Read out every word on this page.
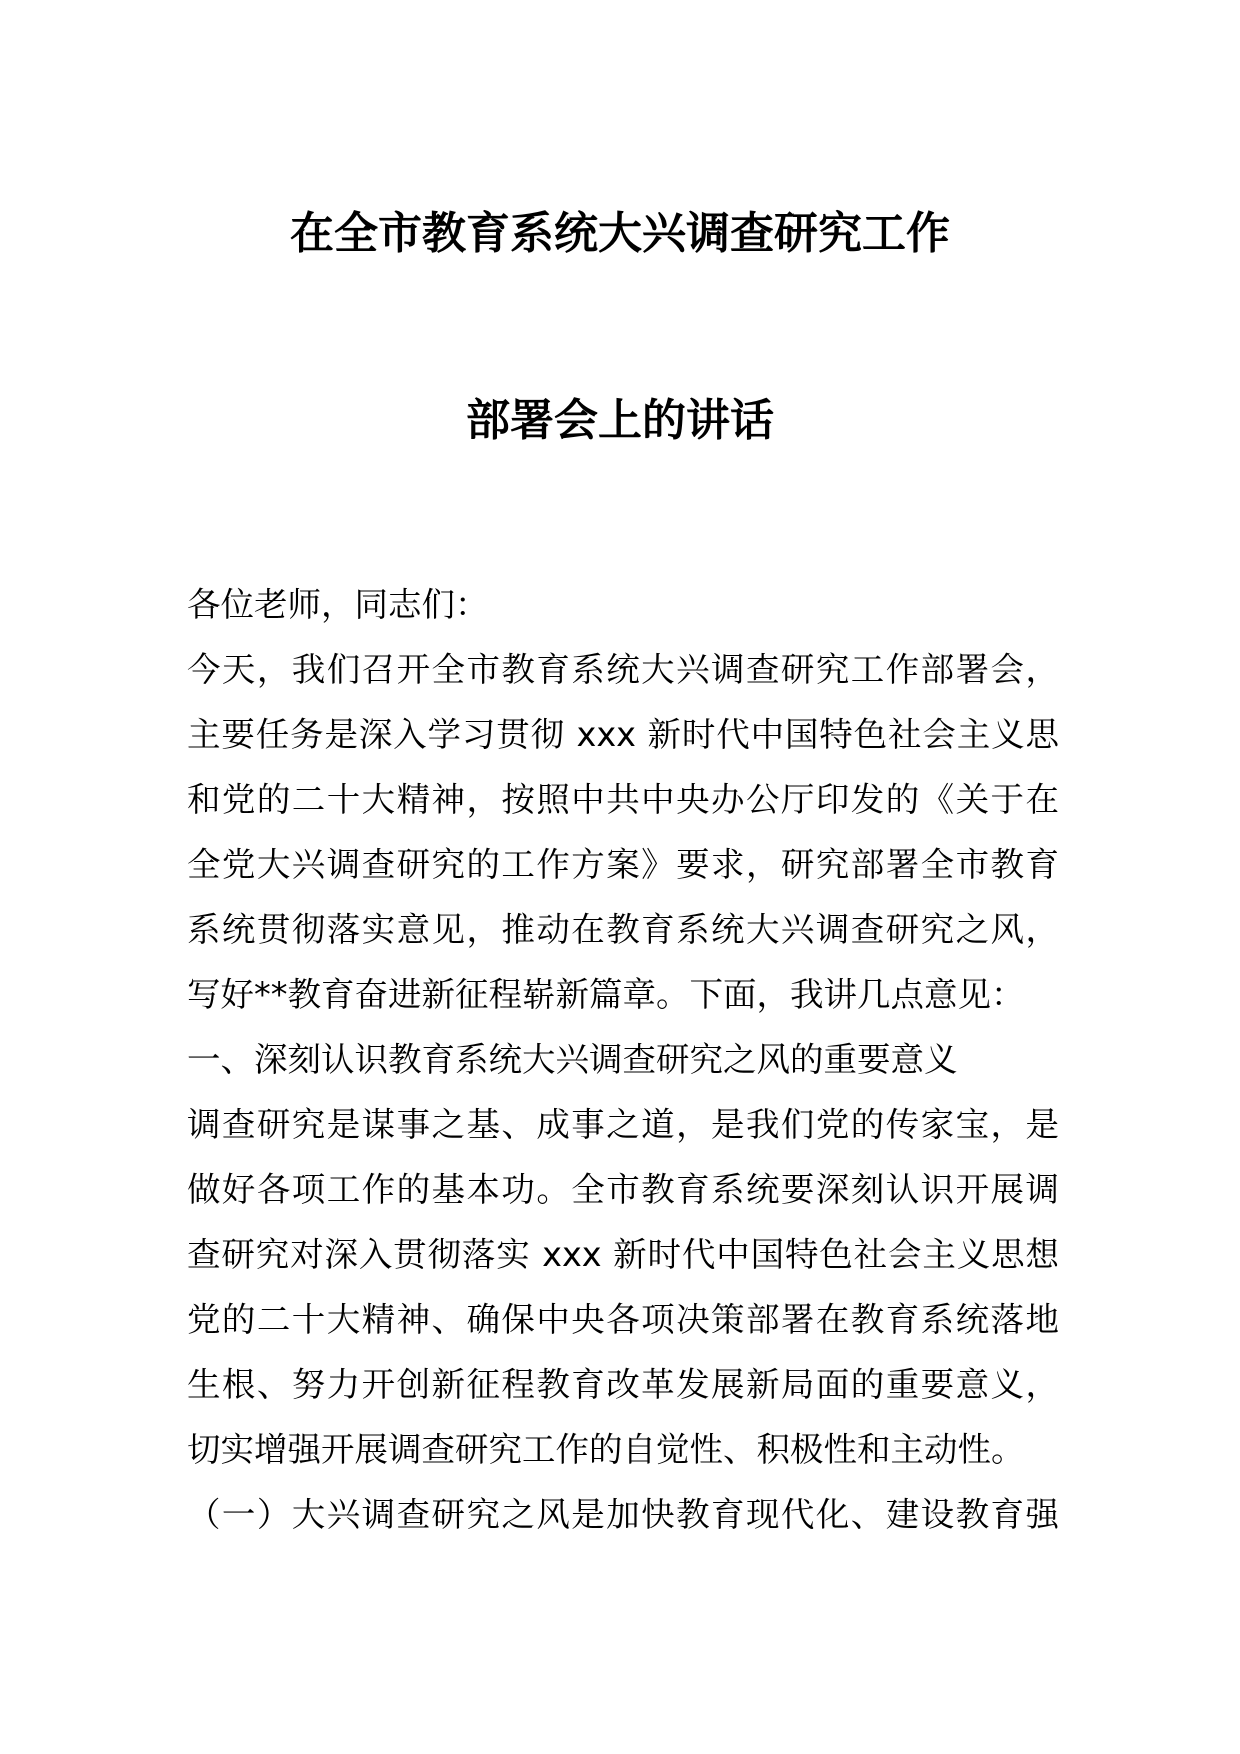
在全市教育系统大兴调查研究工作
部署会上的讲话
各位老师，同志们：
今天，我们召开全市教育系统大兴调查研究工作部署会，
主要任务是深入学习贯彻 xxx 新时代中国特色社会主义思
和党的二十大精神，按照中共中央办公厅印发的《关于在
全党大兴调查研究的工作方案》要求，研究部署全市教育
系统贯彻落实意见，推动在教育系统大兴调查研究之风，
写好**教育奋进新征程崭新篇章。下面，我讲几点意见：
一、深刻认识教育系统大兴调查研究之风的重要意义
调查研究是谋事之基、成事之道，是我们党的传家宝，是
做好各项工作的基本功。全市教育系统要深刻认识开展调
查研究对深入贯彻落实 xxx 新时代中国特色社会主义思想
党的二十大精神、确保中央各项决策部署在教育系统落地
生根、努力开创新征程教育改革发展新局面的重要意义，
切实增强开展调查研究工作的自觉性、积极性和主动性。
（一）大兴调查研究之风是加快教育现代化、建设教育强
